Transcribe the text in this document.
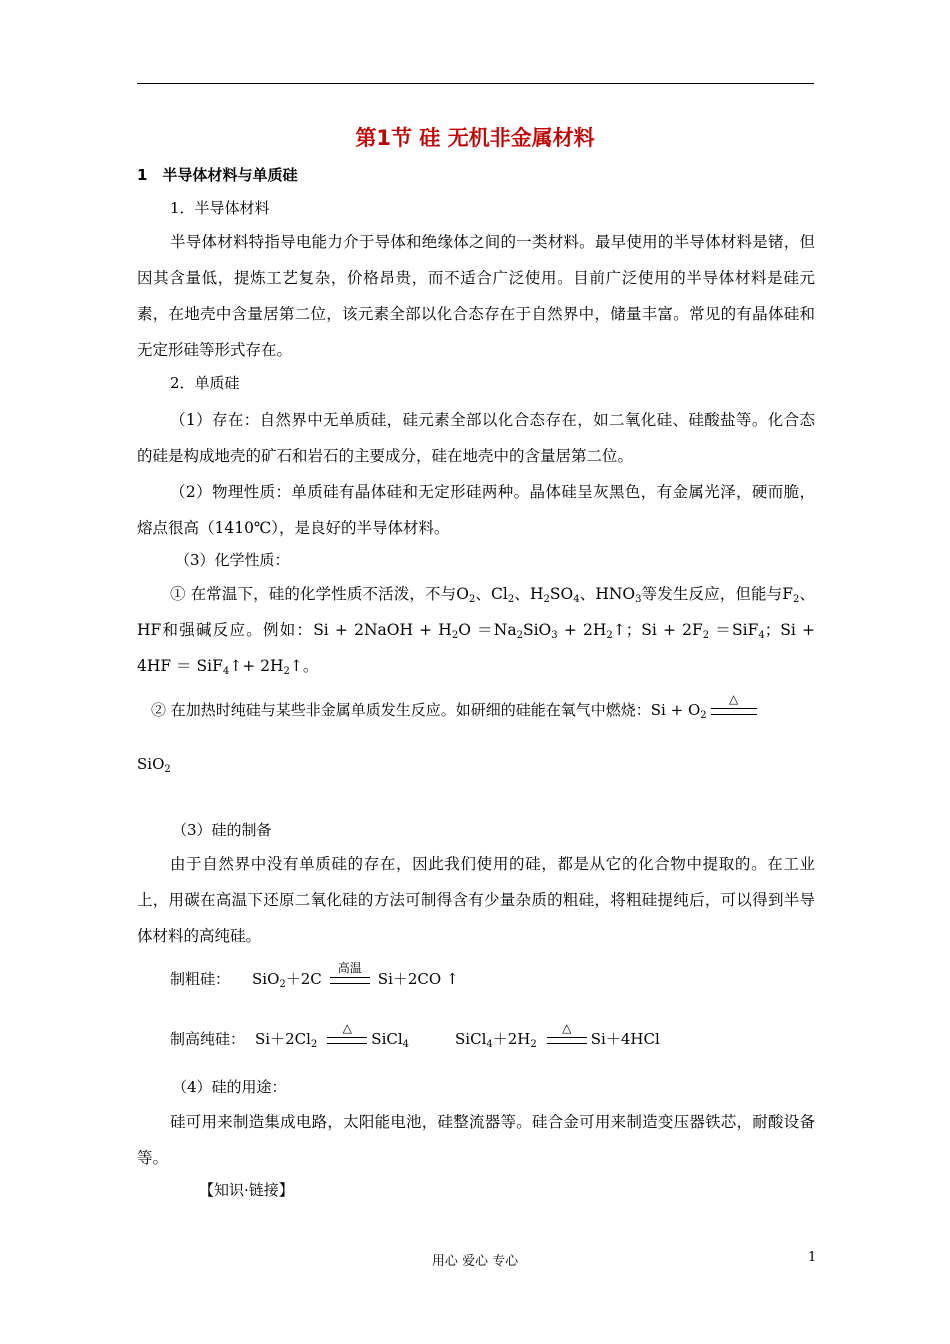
第1节 硅 无机非金属材料
1　半导体材料与单质硅
1．半导体材料
半导体材料特指导电能力介于导体和绝缘体之间的一类材料。最早使用的半导体材料是锗，但因其含量低，提炼工艺复杂，价格昂贵，而不适合广泛使用。目前广泛使用的半导体材料是硅元素，在地壳中含量居第二位，该元素全部以化合态存在于自然界中，储量丰富。常见的有晶体硅和无定形硅等形式存在。
2．单质硅
（1）存在：自然界中无单质硅，硅元素全部以化合态存在，如二氧化硅、硅酸盐等。化合态的硅是构成地壳的矿石和岩石的主要成分，硅在地壳中的含量居第二位。
（2）物理性质：单质硅有晶体硅和无定形硅两种。晶体硅呈灰黑色，有金属光泽，硬而脆，熔点很高（1410℃），是良好的半导体材料。
（3）化学性质：
① 在常温下，硅的化学性质不活泼，不与$O_2$、$Cl_2$、$H_2SO_4$、$HNO_3$等发生反应，但能与$F_2$、HF和强碱反应。例如：Si + 2NaOH + $H_2O =Na_2SiO_3$ + $2H_2↑$；$Si + 2F_2 =SiF_4$；Si + 4HF ＝ SiF$_4$↑+ $2H_2↑$。
② 在加热时纯硅与某些非金属单质发生反应。如研细的硅能在氧气中燃烧：$Si + O_2$
△
SiO$_2$
（3）硅的制备
由于自然界中没有单质硅的存在，因此我们使用的硅，都是从它的化合物中提取的。在工业上，用碳在高温下还原二氧化硅的方法可制得含有少量杂质的粗硅，将粗硅提纯后，可以得到半导体材料的高纯硅。
制粗硅： SiO$_2$＋2C
高温
Si＋2CO ↑
制高纯硅： $Si+2Cl_2$
△
SiCl$_4$	$SiCl_4+2H_2$
△
Si＋4HCl
（4）硅的用途：
硅可用来制造集成电路，太阳能电池，硅整流器等。硅合金可用来制造变压器铁芯，耐酸设备等。
【知识·链接】
用心 爱心 专心	1
